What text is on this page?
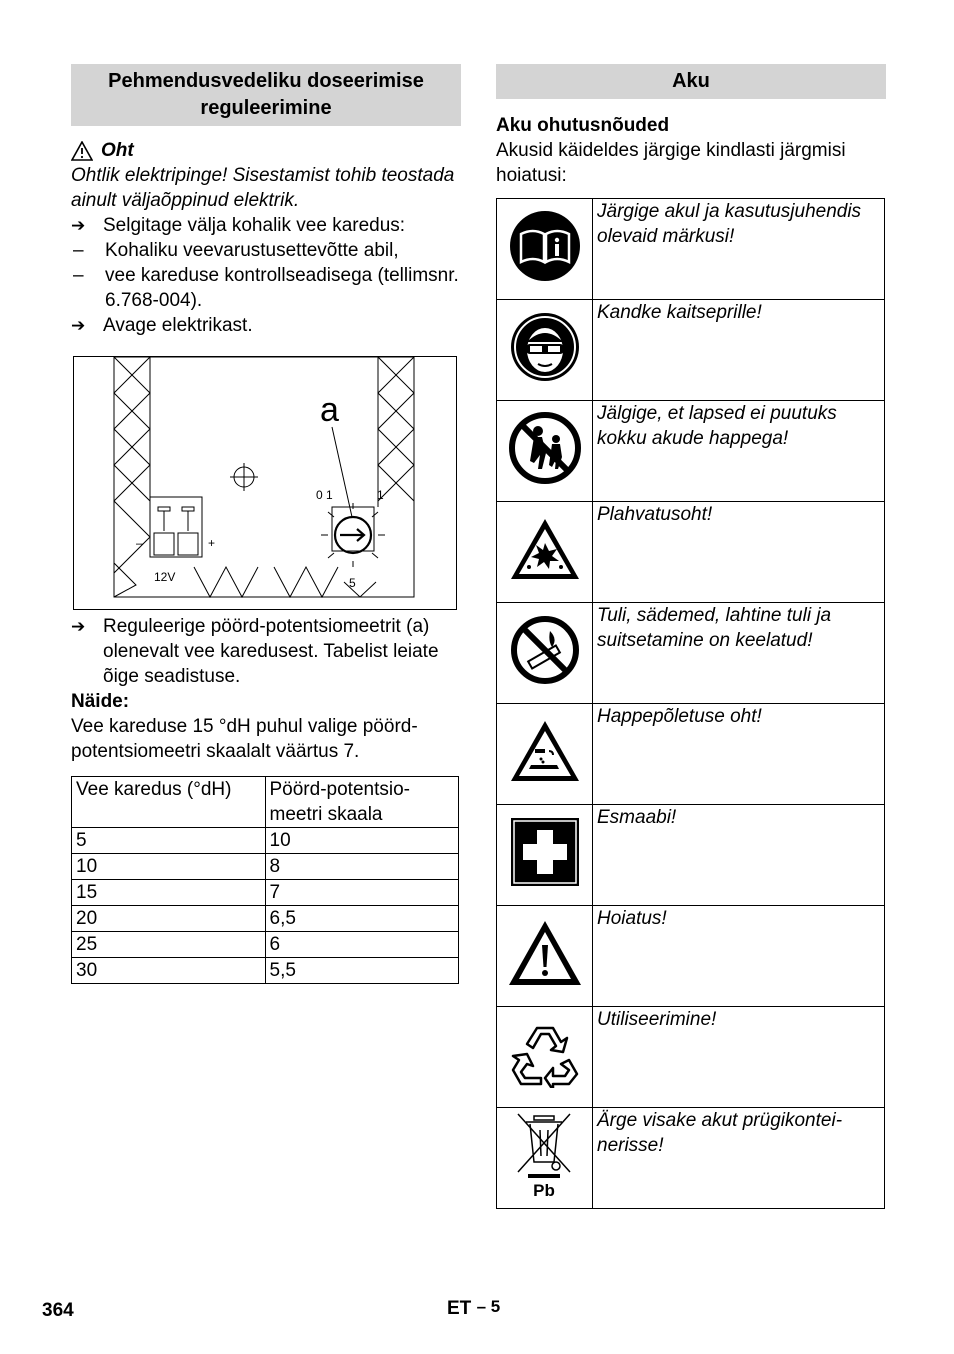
Pehmendusvedeliku doseerimise reguleerimine
Oht

Ohtlik elektripinge! Sisestamist tohib teostada ainult väljaõppinud elektrik.

➔ Selgitage välja kohalik vee karedus:
–	Kohaliku veevarustusettevõtte abil,
–	vee kareduse kontrollseadisega (tellimsnr. 6.768-004).
➔ Avage elektrikast.
a
0 1	1
5
12V
–	+
➔ Reguleerige pöörd-potentsiomeetrit (a) olenevalt vee karedusest. Tabelist leiate õige seadistuse.

Näide:

Vee kareduse 15 °dH puhul valige pöörd-potentsiomeetri skaalalt väärtus 7.

Vee karedus (°dH)	Pöörd-potentsiomeetri skaala
5	10
10	8
15	7
20	6,5
25	6
30	5,5
Aku

Aku ohutusnõuded

Akusid käideldes järgige kindlasti järgmisi hoiatusi:

	Järgige akul ja kasutusjuhendis olevaid märkusi!
	Kandke kaitseprille!
	Jälgige, et lapsed ei puutuks kokku akude happega!
	Plahvatusoht!
	Tuli, sädemed, lahtine tuli ja suitsetamine on keelatud!
	Happepõletuse oht!
	Esmaabi!
	Hoiatus!
	Utiliseerimine!

Pb	Ärge visake akut prügikonteinerisse!
364	ET – 5
